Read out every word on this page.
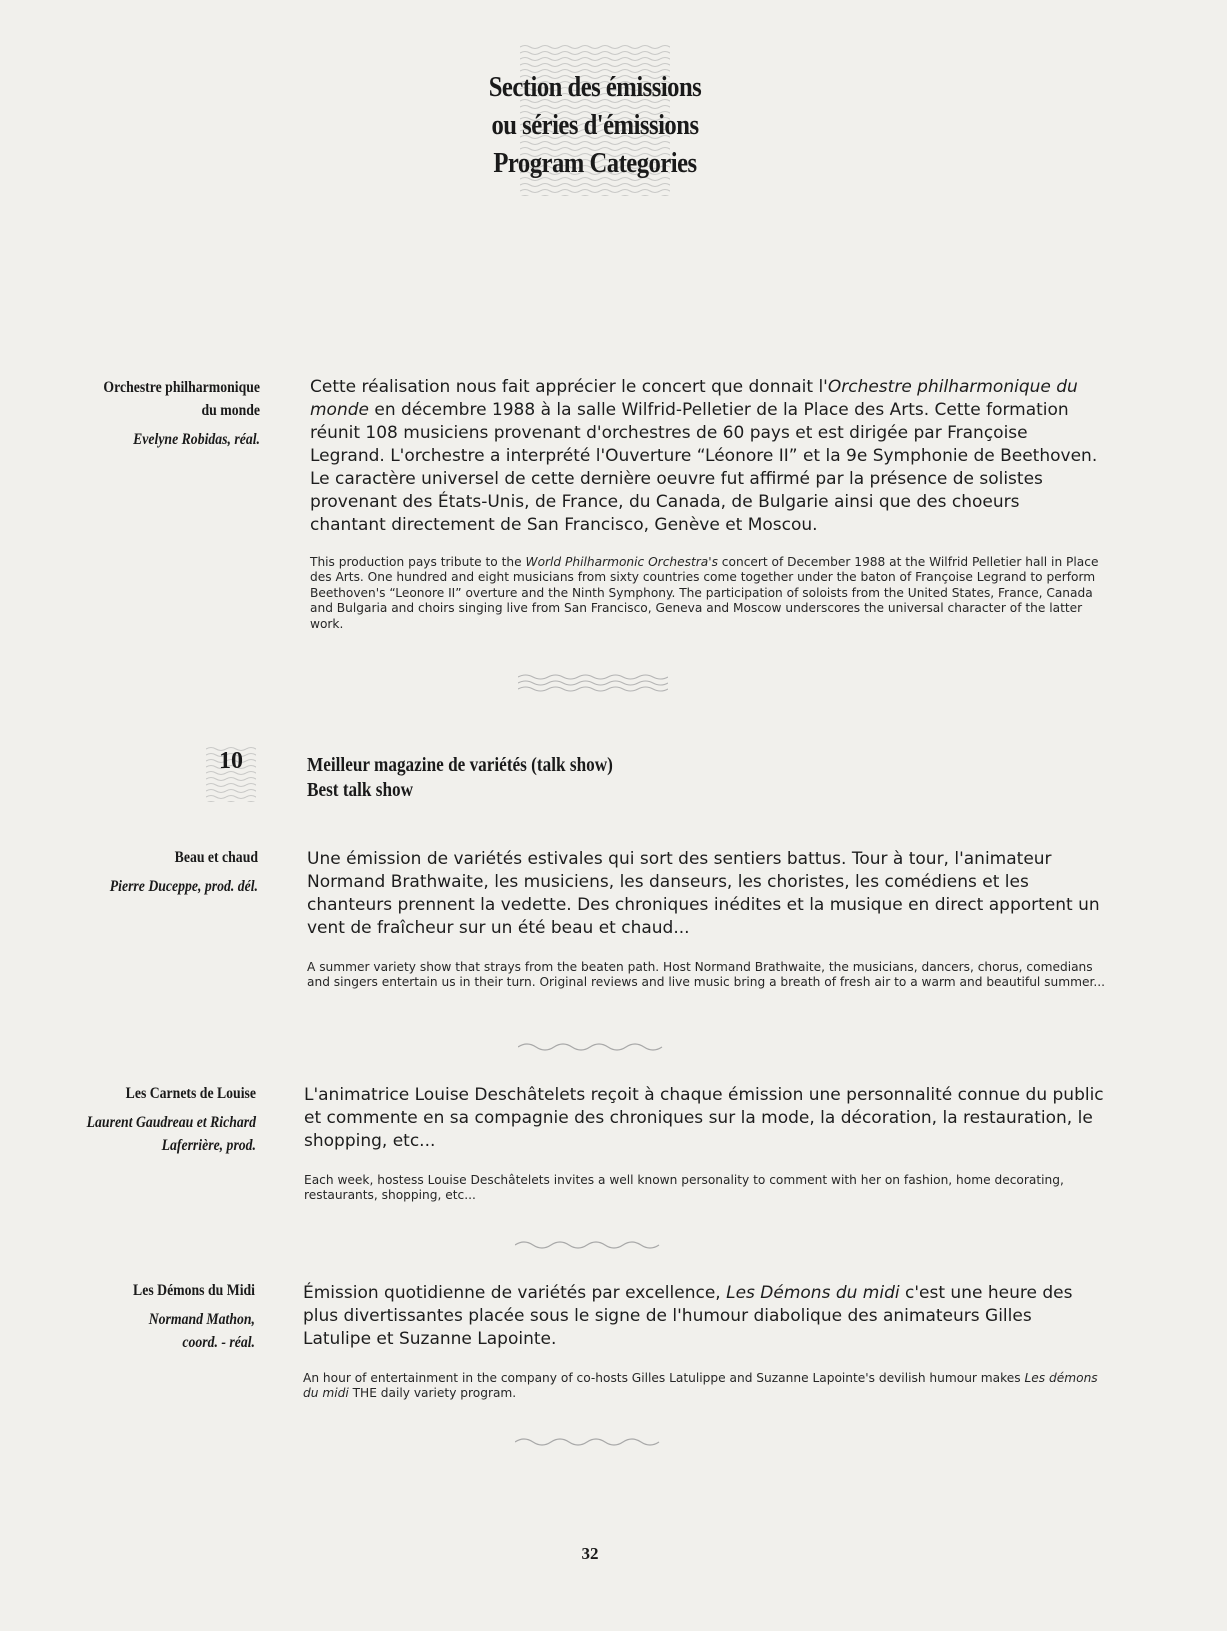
Section des émissions
ou séries d'émissions
Program Categories
Orchestre philharmonique
du monde
Evelyne Robidas, réal.
Cette réalisation nous fait apprécier le concert que donnait l'Orchestre philharmonique du monde en décembre 1988 à la salle Wilfrid-Pelletier de la Place des Arts. Cette formation réunit 108 musiciens provenant d'orchestres de 60 pays et est dirigée par Françoise Legrand. L'orchestre a interprété l'Ouverture “Léonore II” et la 9e Symphonie de Beethoven. Le caractère universel de cette dernière oeuvre fut affirmé par la présence de solistes provenant des États-Unis, de France, du Canada, de Bulgarie ainsi que des choeurs chantant directement de San Francisco, Genève et Moscou.
This production pays tribute to the World Philharmonic Orchestra's concert of December 1988 at the Wilfrid Pelletier hall in Place des Arts. One hundred and eight musicians from sixty countries come together under the baton of Françoise Legrand to perform Beethoven's “Leonore II” overture and the Ninth Symphony. The participation of soloists from the United States, France, Canada and Bulgaria and choirs singing live from San Francisco, Geneva and Moscow underscores the universal character of the latter work.
10	Meilleur magazine de variétés (talk show)
Best talk show
Beau et chaud
Pierre Duceppe, prod. dél.
Une émission de variétés estivales qui sort des sentiers battus. Tour à tour, l'animateur Normand Brathwaite, les musiciens, les danseurs, les choristes, les comédiens et les chanteurs prennent la vedette. Des chroniques inédites et la musique en direct apportent un vent de fraîcheur sur un été beau et chaud...
A summer variety show that strays from the beaten path. Host Normand Brathwaite, the musicians, dancers, chorus, comedians and singers entertain us in their turn. Original reviews and live music bring a breath of fresh air to a warm and beautiful summer...
Les Carnets de Louise
Laurent Gaudreau et Richard
Laferrière, prod.
L'animatrice Louise Deschâtelets reçoit à chaque émission une personnalité connue du public et commente en sa compagnie des chroniques sur la mode, la décoration, la restauration, le shopping, etc...
Each week, hostess Louise Deschâtelets invites a well known personality to comment with her on fashion, home decorating, restaurants, shopping, etc...
Les Démons du Midi
Normand Mathon,
coord. - réal.
Émission quotidienne de variétés par excellence, Les Démons du midi c'est une heure des plus divertissantes placée sous le signe de l'humour diabolique des animateurs Gilles Latulipe et Suzanne Lapointe.
An hour of entertainment in the company of co-hosts Gilles Latulippe and Suzanne Lapointe's devilish humour makes Les démons du midi THE daily variety program.
32
